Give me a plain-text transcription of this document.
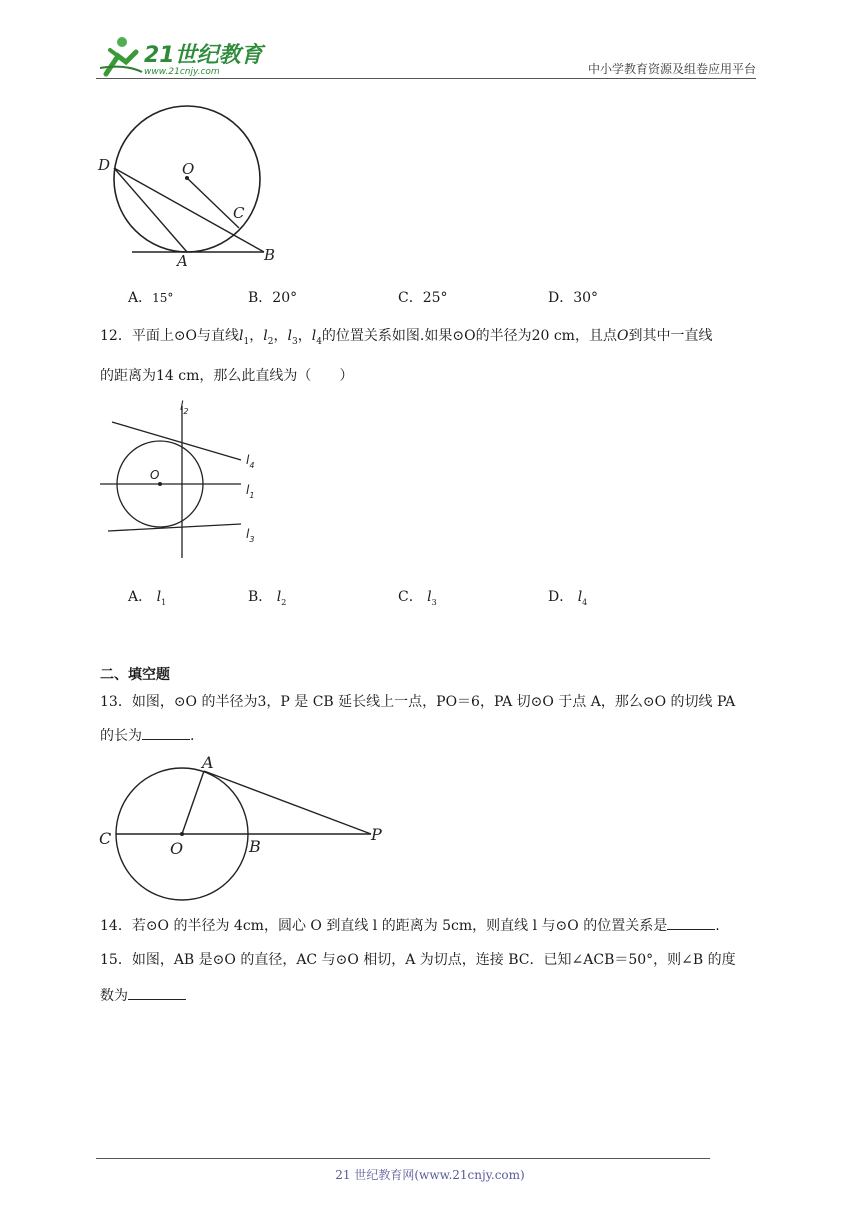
21世纪教育
www.21cnjy.com	中小学教育资源及组卷应用平台
D	O
C
A	B
A．15°	B．20°	C．25°	D．30°
12．平面上⊙O与直线$l_1$，$l_2$，$l_3$，$l_4$的位置关系如图.如果⊙O的半径为20 cm，且点O到其中一直线
的距离为14 cm，那么此直线为（　　）
$l_2$
$l_4$
$l_1$
$l_3$
O
A． $l_1$	B． $l_2$	C． $l_3$	D． $l_4$
二、填空题
13．如图，⊙O 的半径为3，P 是 CB 延长线上一点，PO＝6，PA 切⊙O 于点 A，那么⊙O 的切线 PA
的长为	.
A
C
O	B
P
14．若⊙O 的半径为 4cm，圆心 O 到直线 l 的距离为 5cm，则直线 l 与⊙O 的位置关系是	.
15．如图，AB 是⊙O 的直径，AC 与⊙O 相切，A 为切点，连接 BC．已知∠ACB＝50°，则∠B 的度
数为
21 世纪教育网(www.21cnjy.com)
